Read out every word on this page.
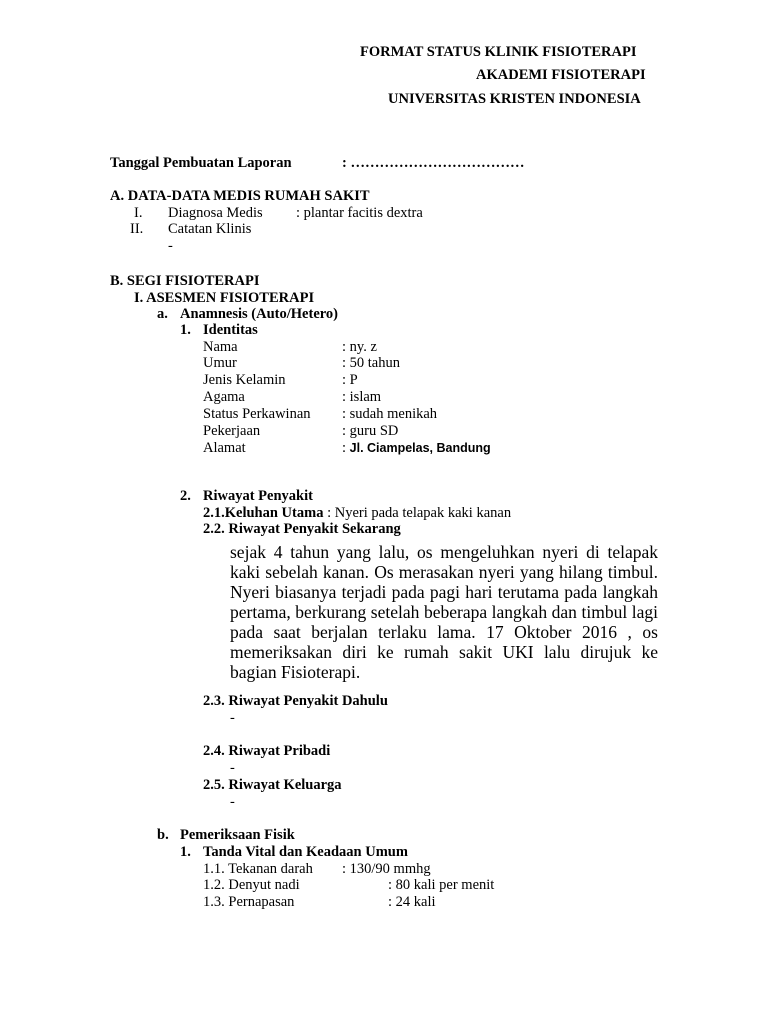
FORMAT STATUS KLINIK FISIOTERAPI
AKADEMI FISIOTERAPI
UNIVERSITAS KRISTEN INDONESIA
Tanggal Pembuatan Laporan	: ………………………………
A. DATA-DATA MEDIS RUMAH SAKIT
I. Diagnosa Medis : plantar facitis dextra
II. Catatan Klinis
-
B. SEGI FISIOTERAPI
I. ASESMEN FISIOTERAPI
a. Anamnesis (Auto/Hetero)
1. Identitas
Nama	: ny. z
Umur	: 50 tahun
Jenis Kelamin	: P
Agama	: islam
Status Perkawinan : sudah menikah
Pekerjaan	: guru SD
Alamat	: Jl. Ciampelas, Bandung
2. Riwayat Penyakit
2.1.Keluhan Utama : Nyeri pada telapak kaki kanan
2.2. Riwayat Penyakit Sekarang
sejak 4 tahun yang lalu, os mengeluhkan nyeri di telapak kaki sebelah kanan. Os merasakan nyeri yang hilang timbul. Nyeri biasanya terjadi pada pagi hari terutama pada langkah pertama, berkurang setelah beberapa langkah dan timbul lagi pada saat berjalan terlaku lama. 17 Oktober 2016 , os memeriksakan diri ke rumah sakit UKI lalu dirujuk ke bagian Fisioterapi.
2.3. Riwayat Penyakit Dahulu
-
2.4. Riwayat Pribadi
-
2.5. Riwayat Keluarga
-
b. Pemeriksaan Fisik
1. Tanda Vital dan Keadaan Umum
1.1. Tekanan darah : 130/90 mmhg
1.2. Denyut nadi	: 80 kali per menit
1.3. Pernapasan	: 24 kali
